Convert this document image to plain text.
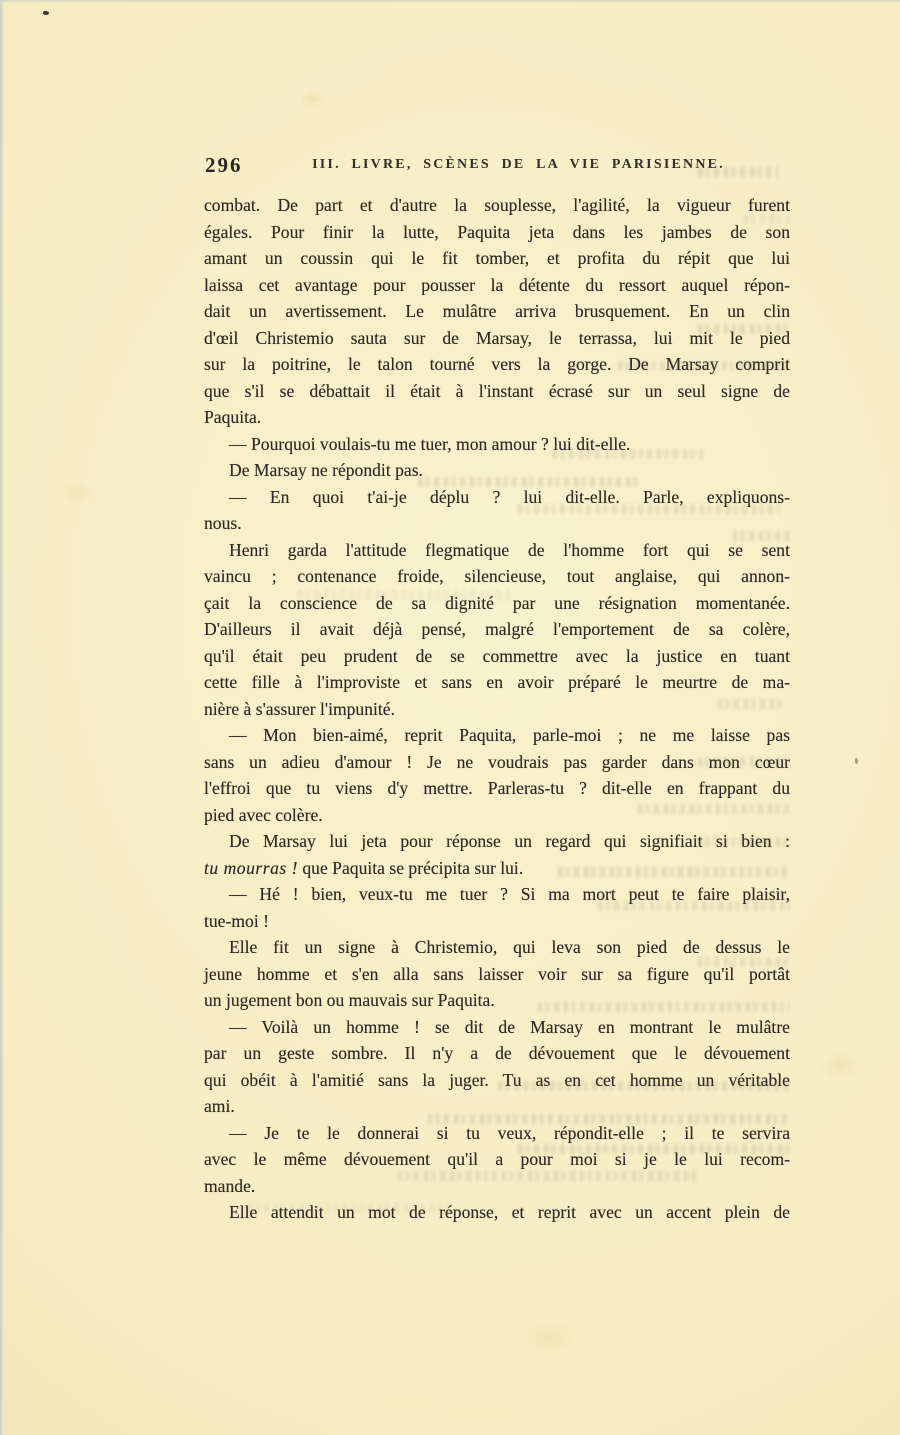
296	III. LIVRE, SCÈNES DE LA VIE PARISIENNE.
combat. De part et d'autre la souplesse, l'agilité, la vigueur furent
égales. Pour finir la lutte, Paquita jeta dans les jambes de son
amant un coussin qui le fit tomber, et profita du répit que lui
laissa cet avantage pour pousser la détente du ressort auquel répon-
dait un avertissement. Le mulâtre arriva brusquement. En un clin
d'œil Christemio sauta sur de Marsay, le terrassa, lui mit le pied
sur la poitrine, le talon tourné vers la gorge. De Marsay comprit
que s'il se débattait il était à l'instant écrasé sur un seul signe de
Paquita.
— Pourquoi voulais-tu me tuer, mon amour ? lui dit-elle.
De Marsay ne répondit pas.
— En quoi t'ai-je déplu ? lui dit-elle. Parle, expliquons-
nous.
Henri garda l'attitude flegmatique de l'homme fort qui se sent
vaincu ; contenance froide, silencieuse, tout anglaise, qui annon-
çait la conscience de sa dignité par une résignation momentanée.
D'ailleurs il avait déjà pensé, malgré l'emportement de sa colère,
qu'il était peu prudent de se commettre avec la justice en tuant
cette fille à l'improviste et sans en avoir préparé le meurtre de ma-
nière à s'assurer l'impunité.
— Mon bien-aimé, reprit Paquita, parle-moi ; ne me laisse pas
sans un adieu d'amour ! Je ne voudrais pas garder dans mon cœur
l'effroi que tu viens d'y mettre. Parleras-tu ? dit-elle en frappant du
pied avec colère.
De Marsay lui jeta pour réponse un regard qui signifiait si bien :
tu mourras ! que Paquita se précipita sur lui.
— Hé ! bien, veux-tu me tuer ? Si ma mort peut te faire plaisir,
tue-moi !
Elle fit un signe à Christemio, qui leva son pied de dessus le
jeune homme et s'en alla sans laisser voir sur sa figure qu'il portât
un jugement bon ou mauvais sur Paquita.
— Voilà un homme ! se dit de Marsay en montrant le mulâtre
par un geste sombre. Il n'y a de dévouement que le dévouement
qui obéit à l'amitié sans la juger. Tu as en cet homme un véritable
ami.
— Je te le donnerai si tu veux, répondit-elle ; il te servira
avec le même dévouement qu'il a pour moi si je le lui recom-
mande.
Elle attendit un mot de réponse, et reprit avec un accent plein de
